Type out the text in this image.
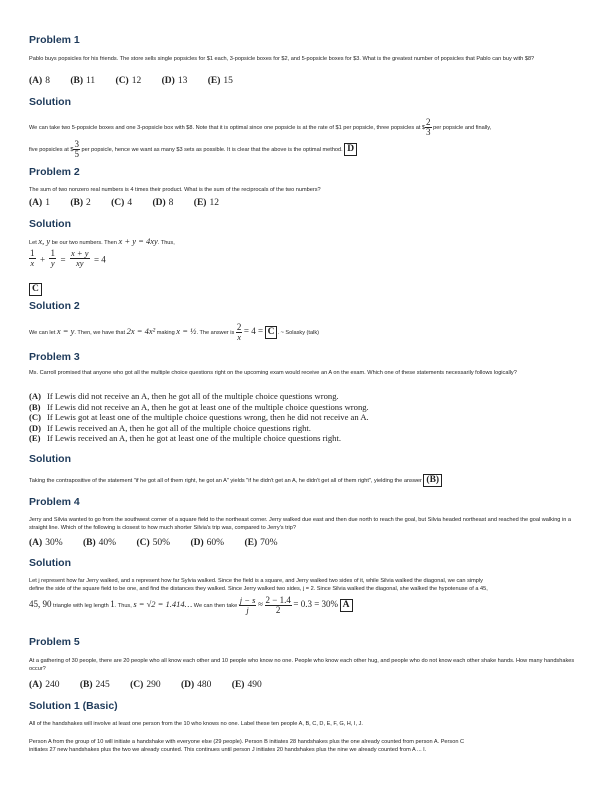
Problem 1

Pablo buys popsicles for his friends. The store sells single popsicles for $1 each, 3-popsicle boxes for $2, and 5-popsicle boxes for $3. What is the greatest number of popsicles that Pablo can buy with $8?

(A) 8 (B) 11 (C) 12 (D) 13 (E) 15
Solution

We can take two 5-popsicle boxes and one 3-popsicle box with $8. Note that it is optimal since one popsicle is at the rate of $1 per popsicle, three popsicles at $ $\frac{2}{3}$ per popsicle and finally,
five popsicles at $ $\frac{3}{5}$ per popsicle, hence we want as many $3 sets as possible. It is clear that the above is the optimal method. D

Problem 2

The sum of two nonzero real numbers is 4 times their product. What is the sum of the reciprocals of the two numbers?

(A) 1 (B) 2 (C) 4 (D) 8 (E) 12
Solution

Let x, y be our two numbers. Then x + y = 4xy. Thus,

$\frac{1}{x} + \frac{1}{y} = \frac{x + y}{xy} = 4$
C
Solution 2

We can let x = y. Then, we have that 2x = 4x² making x = ½. The answer is $\frac{2}{x} = 4 = C$ . ~ Solasky (talk)

Problem 3

Ms. Carroll promised that anyone who got all the multiple choice questions right on the upcoming exam would receive an A on the exam. Which one of these statements necessarily follows logically?

(A) If Lewis did not receive an A, then he got all of the multiple choice questions wrong.
(B) If Lewis did not receive an A, then he got at least one of the multiple choice questions wrong.
(C) If Lewis got at least one of the multiple choice questions wrong, then he did not receive an A.
(D) If Lewis received an A, then he got all of the multiple choice questions right.
(E) If Lewis received an A, then he got at least one of the multiple choice questions right.
Solution

Taking the contrapositive of the statement "if he got all of them right, he got an A" yields "if he didn't get an A, he didn't get all of them right", yielding the answer (B)

Problem 4

Jerry and Silvia wanted to go from the southwest corner of a square field to the northeast corner. Jerry walked due east and then due north to reach the goal, but Silvia headed northeast and reached the goal walking in a straight line. Which of the following is closest to how much shorter Silvia's trip was, compared to Jerry's trip?

(A) 30% (B) 40% (C) 50% (D) 60% (E) 70%
Solution

Let j represent how far Jerry walked, and s represent how far Sylvia walked. Since the field is a square, and Jerry walked two sides of it, while Silvia walked the diagonal, we can simply

define the side of the square field to be one, and find the distances they walked. Since Jerry walked two sides, j = 2. Since Silvia walked the diagonal, she walked the hypotenuse of a 45,

45, 90 triangle with leg length 1. Thus, s = √2 = 1.414… We can then take $\frac{j - s}{j} \approx \frac{2 - 1.4}{2} = 0.3 = 30\%$ A

Problem 5

At a gathering of 30 people, there are 20 people who all know each other and 10 people who know no one. People who know each other hug, and people who do not know each other shake hands. How many handshakes occur?

(A) 240 (B) 245 (C) 290 (D) 480 (E) 490
Solution 1 (Basic)

All of the handshakes will involve at least one person from the 10 who knows no one. Label these ten people A, B, C, D, E, F, G, H, I, J.

Person A from the group of 10 will initiate a handshake with everyone else (29 people). Person B initiates 28 handshakes plus the one already counted from person A. Person C

initiates 27 new handshakes plus the two we already counted. This continues until person J initiates 20 handshakes plus the nine we already counted from A ... I.
